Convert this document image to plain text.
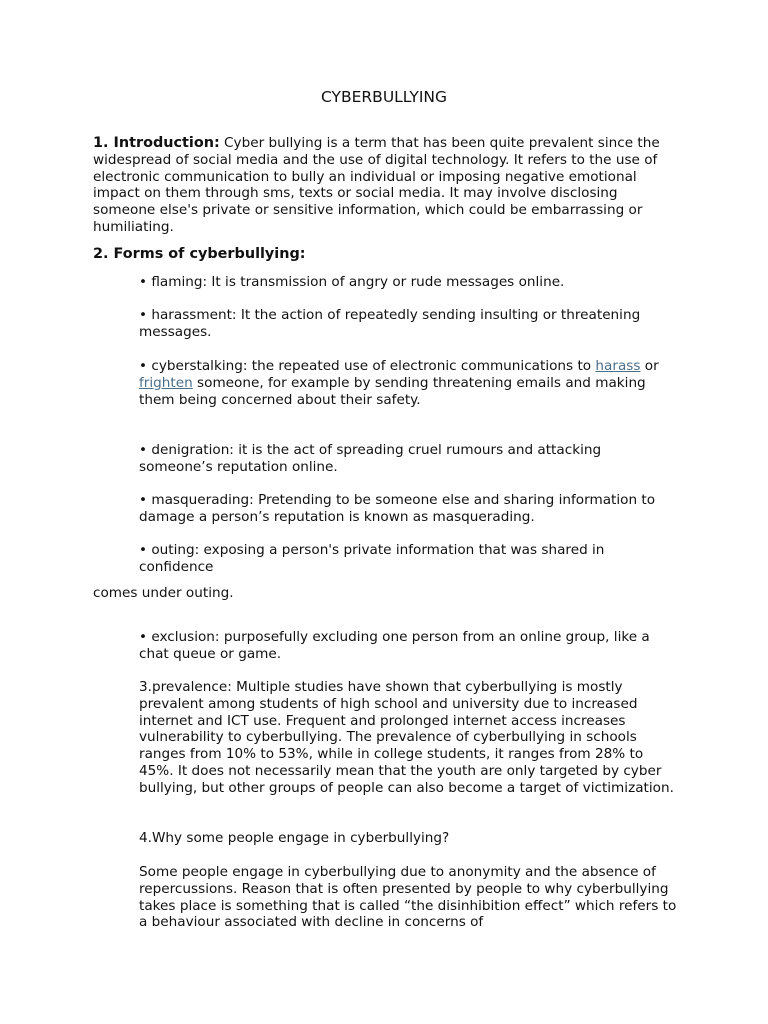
CYBERBULLYING
1. Introduction: Cyber bullying is a term that has been quite prevalent since the widespread of social media and the use of digital technology. It refers to the use of electronic communication to bully an individual or imposing negative emotional impact on them through sms, texts or social media. It may involve disclosing someone else's private or sensitive information, which could be embarrassing or humiliating.
2. Forms of cyberbullying:
• flaming: It is transmission of angry or rude messages online.
• harassment: It the action of repeatedly sending insulting or threatening messages.
• cyberstalking: the repeated use of electronic communications to harass or frighten someone, for example by sending threatening emails and making them being concerned about their safety.
• denigration: it is the act of spreading cruel rumours and attacking someone’s reputation online.
• masquerading: Pretending to be someone else and sharing information to damage a person’s reputation is known as masquerading.
• outing: exposing a person's private information that was shared in confidence
comes under outing.
• exclusion: purposefully excluding one person from an online group, like a chat queue or game.
3.prevalence: Multiple studies have shown that cyberbullying is mostly prevalent among students of high school and university due to increased internet and ICT use. Frequent and prolonged internet access increases vulnerability to cyberbullying. The prevalence of cyberbullying in schools ranges from 10% to 53%, while in college students, it ranges from 28% to 45%. It does not necessarily mean that the youth are only targeted by cyber bullying, but other groups of people can also become a target of victimization.
4.Why some people engage in cyberbullying?
Some people engage in cyberbullying due to anonymity and the absence of repercussions. Reason that is often presented by people to why cyberbullying takes place is something that is called “the disinhibition effect” which refers to a behaviour associated with decline in concerns of
